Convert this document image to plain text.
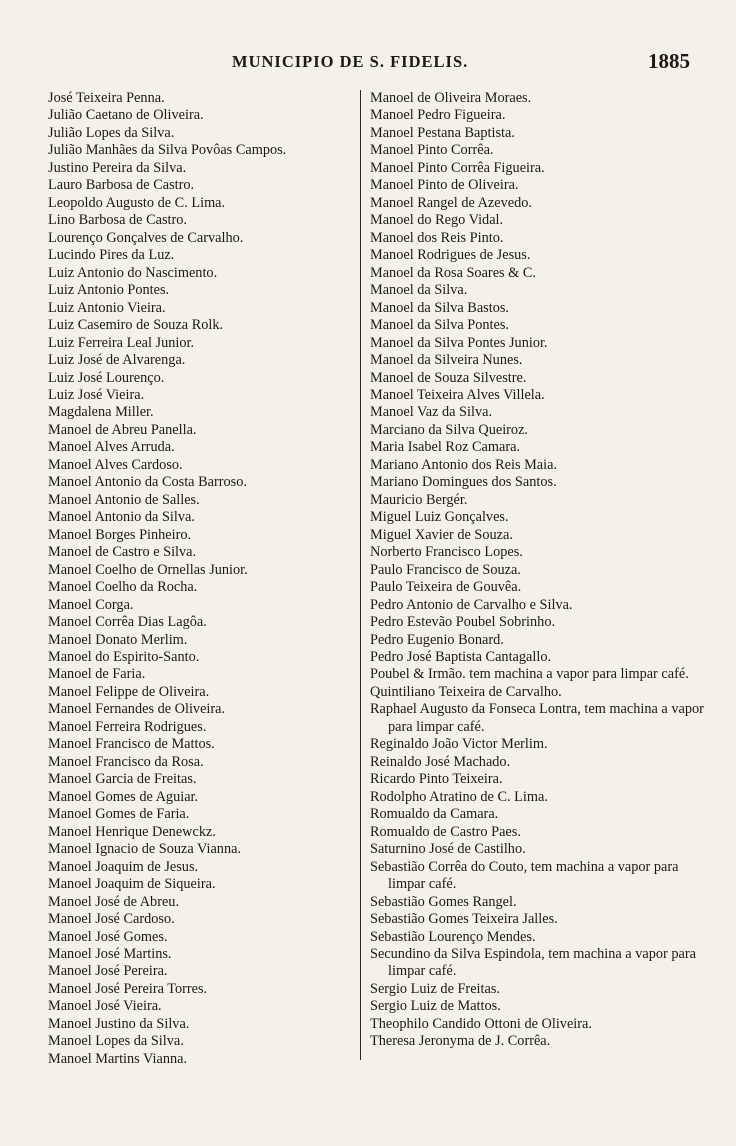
MUNICIPIO DE S. FIDELIS.	1885
José Teixeira Penna.
Julião Caetano de Oliveira.
Julião Lopes da Silva.
Julião Manhães da Silva Povôas Campos.
Justino Pereira da Silva.
Lauro Barbosa de Castro.
Leopoldo Augusto de C. Lima.
Lino Barbosa de Castro.
Lourenço Gonçalves de Carvalho.
Lucindo Pires da Luz.
Luiz Antonio do Nascimento.
Luiz Antonio Pontes.
Luiz Antonio Vieira.
Luiz Casemiro de Souza Rolk.
Luiz Ferreira Leal Junior.
Luiz José de Alvarenga.
Luiz José Lourenço.
Luiz José Vieira.
Magdalena Miller.
Manoel de Abreu Panella.
Manoel Alves Arruda.
Manoel Alves Cardoso.
Manoel Antonio da Costa Barroso.
Manoel Antonio de Salles.
Manoel Antonio da Silva.
Manoel Borges Pinheiro.
Manoel de Castro e Silva.
Manoel Coelho de Ornellas Junior.
Manoel Coelho da Rocha.
Manoel Corga.
Manoel Corrêa Dias Lagôa.
Manoel Donato Merlim.
Manoel do Espirito-Santo.
Manoel de Faria.
Manoel Felippe de Oliveira.
Manoel Fernandes de Oliveira.
Manoel Ferreira Rodrigues.
Manoel Francisco de Mattos.
Manoel Francisco da Rosa.
Manoel Garcia de Freitas.
Manoel Gomes de Aguiar.
Manoel Gomes de Faria.
Manoel Henrique Denewckz.
Manoel Ignacio de Souza Vianna.
Manoel Joaquim de Jesus.
Manoel Joaquim de Siqueira.
Manoel José de Abreu.
Manoel José Cardoso.
Manoel José Gomes.
Manoel José Martins.
Manoel José Pereira.
Manoel José Pereira Torres.
Manoel José Vieira.
Manoel Justino da Silva.
Manoel Lopes da Silva.
Manoel Martins Vianna.
Manoel de Oliveira Moraes.
Manoel Pedro Figueira.
Manoel Pestana Baptista.
Manoel Pinto Corrêa.
Manoel Pinto Corrêa Figueira.
Manoel Pinto de Oliveira.
Manoel Rangel de Azevedo.
Manoel do Rego Vidal.
Manoel dos Reis Pinto.
Manoel Rodrigues de Jesus.
Manoel da Rosa Soares & C.
Manoel da Silva.
Manoel da Silva Bastos.
Manoel da Silva Pontes.
Manoel da Silva Pontes Junior.
Manoel da Silveira Nunes.
Manoel de Souza Silvestre.
Manoel Teixeira Alves Villela.
Manoel Vaz da Silva.
Marciano da Silva Queiroz.
Maria Isabel Roz Camara.
Mariano Antonio dos Reis Maia.
Mariano Domingues dos Santos.
Mauricio Bergér.
Miguel Luiz Gonçalves.
Miguel Xavier de Souza.
Norberto Francisco Lopes.
Paulo Francisco de Souza.
Paulo Teixeira de Gouvêa.
Pedro Antonio de Carvalho e Silva.
Pedro Estevão Poubel Sobrinho.
Pedro Eugenio Bonard.
Pedro José Baptista Cantagallo.
Poubel & Irmão. tem machina a vapor para limpar café.
Quintiliano Teixeira de Carvalho.
Raphael Augusto da Fonseca Lontra, tem machina a vapor para limpar café.
Reginaldo João Victor Merlim.
Reinaldo José Machado.
Ricardo Pinto Teixeira.
Rodolpho Atratino de C. Lima.
Romualdo da Camara.
Romualdo de Castro Paes.
Saturnino José de Castilho.
Sebastião Corrêa do Couto, tem machina a vapor para limpar café.
Sebastião Gomes Rangel.
Sebastião Gomes Teixeira Jalles.
Sebastião Lourenço Mendes.
Secundino da Silva Espindola, tem machina a vapor para limpar café.
Sergio Luiz de Freitas.
Sergio Luiz de Mattos.
Theophilo Candido Ottoni de Oliveira.
Theresa Jeronyma de J. Corrêa.
